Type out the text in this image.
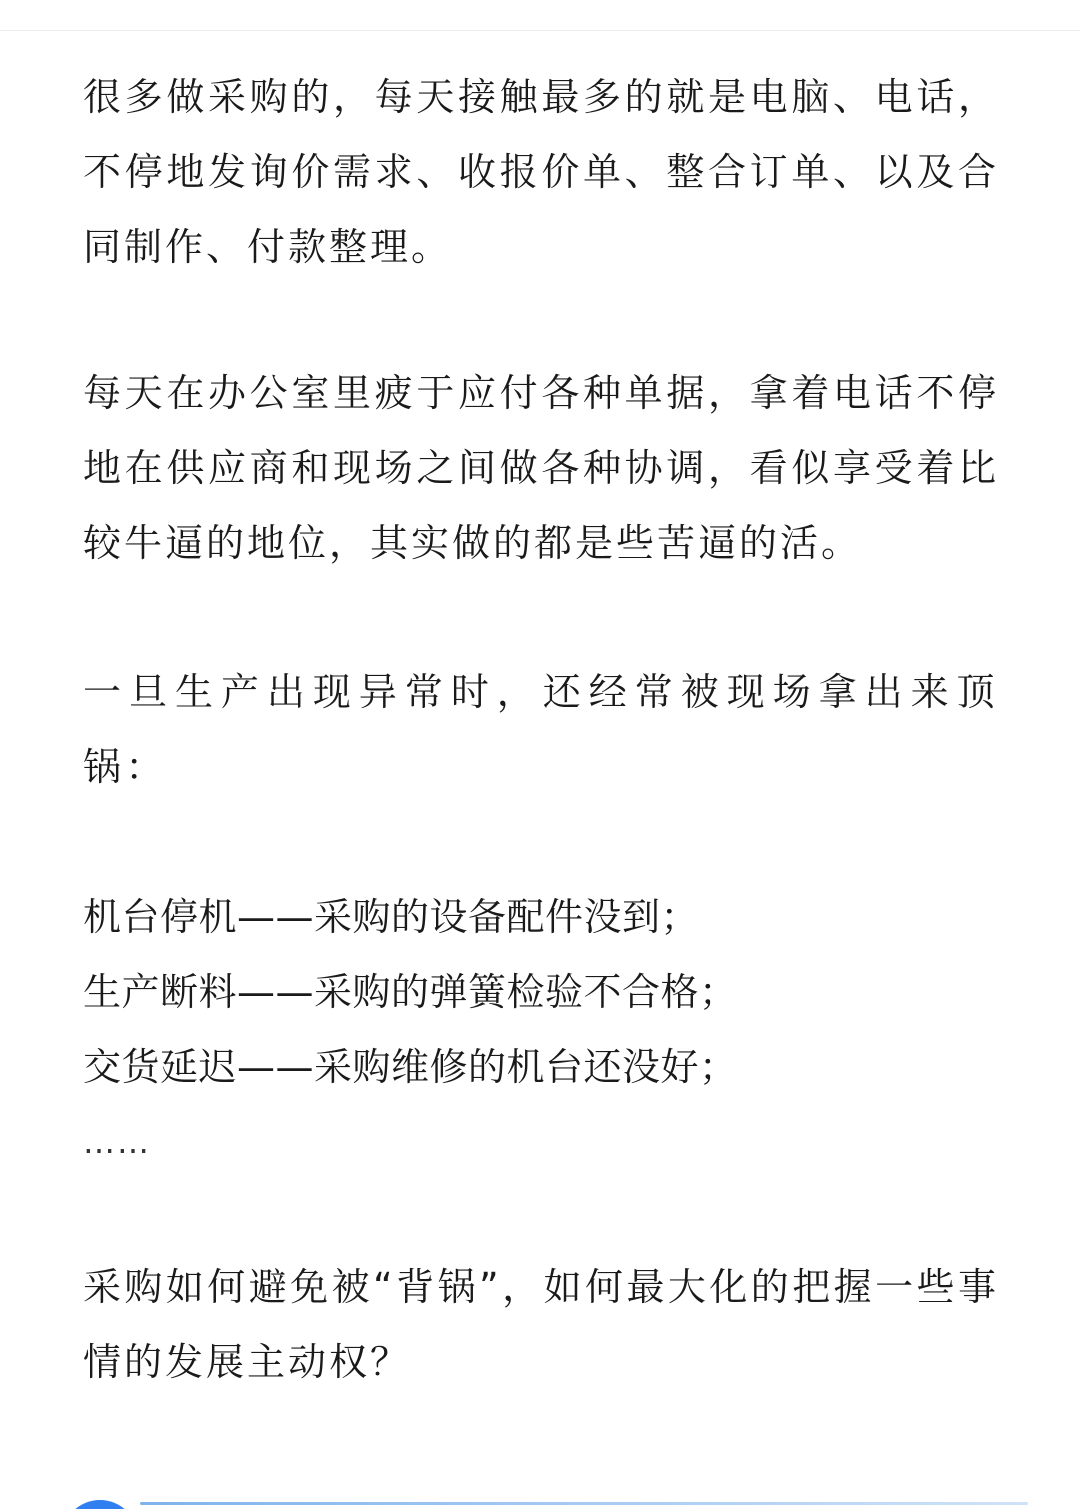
很多做采购的，每天接触最多的就是电脑、电话，不停地发询价需求、收报价单、整合订单、以及合同制作、付款整理。

每天在办公室里疲于应付各种单据，拿着电话不停地在供应商和现场之间做各种协调，看似享受着比较牛逼的地位，其实做的都是些苦逼的活。

一旦生产出现异常时，还经常被现场拿出来顶锅：

机台停机——采购的设备配件没到；
生产断料——采购的弹簧检验不合格；
交货延迟——采购维修的机台还没好；
……

采购如何避免被“背锅”，如何最大化的把握一些事情的发展主动权？
